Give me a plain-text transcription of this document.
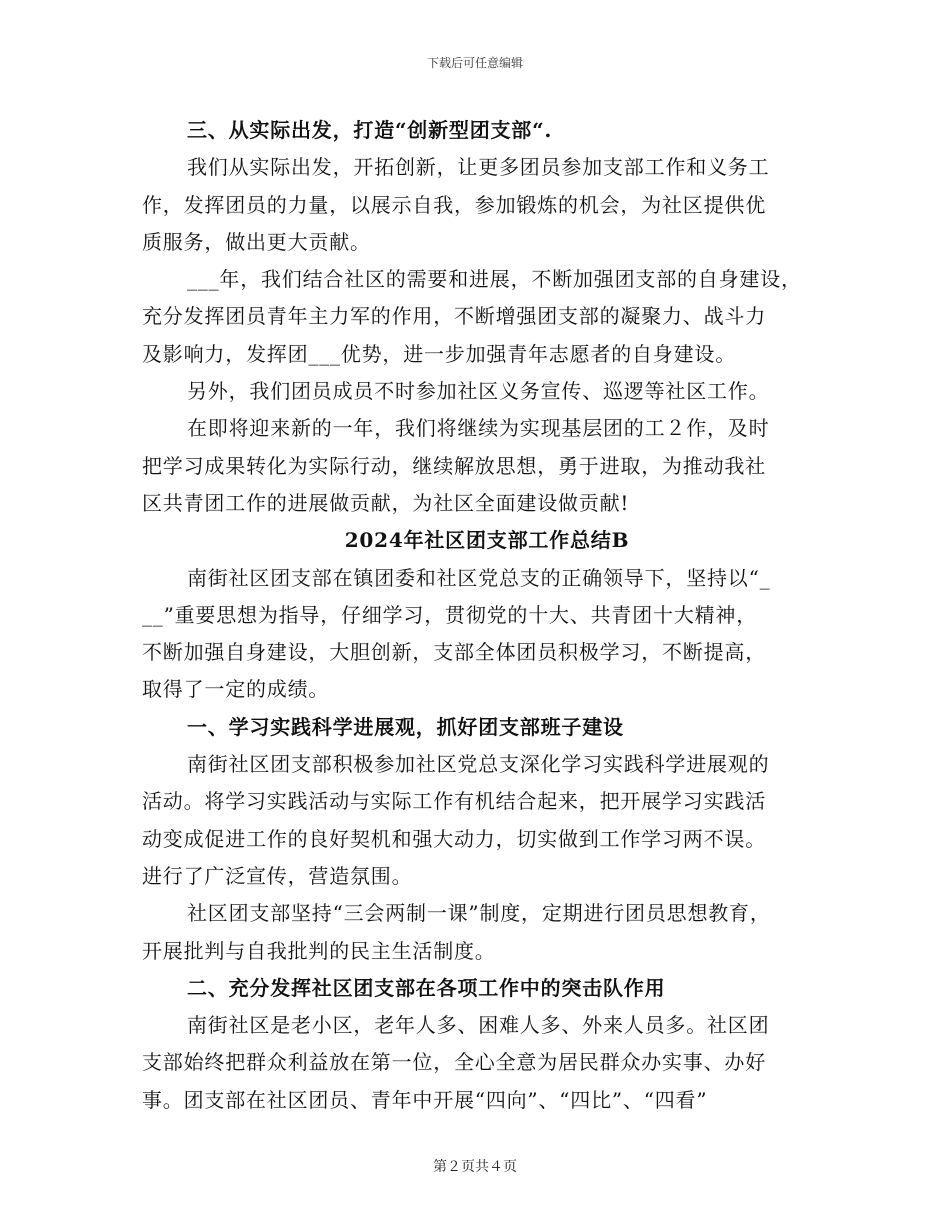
下载后可任意编辑
三、从实际出发，打造“创新型团支部“.
我们从实际出发，开拓创新，让更多团员参加支部工作和义务工
作，发挥团员的力量，以展示自我，参加锻炼的机会，为社区提供优
质服务，做出更大贡献。
___年，我们结合社区的需要和进展，不断加强团支部的自身建设，
充分发挥团员青年主力军的作用，不断增强团支部的凝聚力、战斗力
及影响力，发挥团___优势，进一步加强青年志愿者的自身建设。
另外，我们团员成员不时参加社区义务宣传、巡逻等社区工作。
在即将迎来新的一年，我们将继续为实现基层团的工２作，及时
把学习成果转化为实际行动，继续解放思想，勇于进取，为推动我社
区共青团工作的进展做贡献，为社区全面建设做贡献!
2024年社区团支部工作总结B
南街社区团支部在镇团委和社区党总支的正确领导下，坚持以“_
__”重要思想为指导，仔细学习，贯彻党的十大、共青团十大精神，
不断加强自身建设，大胆创新，支部全体团员积极学习，不断提高，
取得了一定的成绩。
一、学习实践科学进展观，抓好团支部班子建设
南街社区团支部积极参加社区党总支深化学习实践科学进展观的
活动。将学习实践活动与实际工作有机结合起来，把开展学习实践活
动变成促进工作的良好契机和强大动力，切实做到工作学习两不误。
进行了广泛宣传，营造氛围。
社区团支部坚持“三会两制一课”制度，定期进行团员思想教育，
开展批判与自我批判的民主生活制度。
二、充分发挥社区团支部在各项工作中的突击队作用
南街社区是老小区，老年人多、困难人多、外来人员多。社区团
支部始终把群众利益放在第一位，全心全意为居民群众办实事、办好
事。团支部在社区团员、青年中开展“四向”、“四比”、“四看”
第２页共４页
